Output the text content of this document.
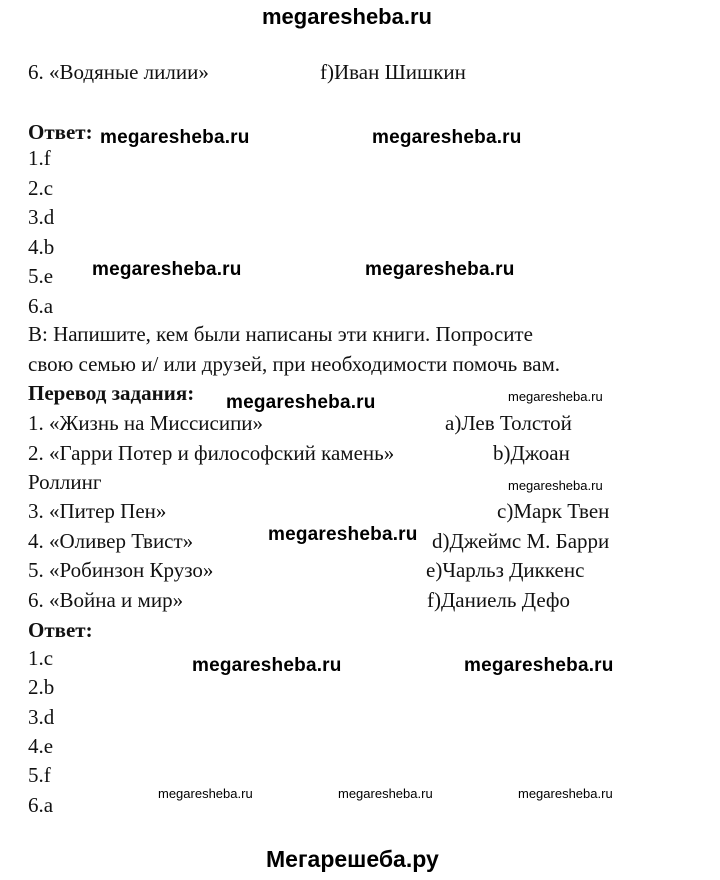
megaresheba.ru
6. «Водяные лилии»	f)Иван Шишкин
Ответ:
1.f
2.c
3.d
4.b
5.e
6.a
B: Напишите, кем были написаны эти книги. Попросите
свою семью и/ или друзей, при необходимости помочь вам.
Перевод задания:
1. «Жизнь на Миссисипи»	a)Лев Толстой
2. «Гарри Потер и философский камень»	b)Джоан
Роллинг
3. «Питер Пен»	c)Марк Твен
4. «Оливер Твист»	d)Джеймс М. Барри
5. «Робинзон Крузо»	e)Чарльз Диккенс
6. «Война и мир»	f)Даниель Дефо
Ответ:
1.c
2.b
3.d
4.e
5.f
6.a
megaresheba.ru	megaresheba.ru
megaresheba.ru	megaresheba.ru
megaresheba.ru
megaresheba.ru
megaresheba.ru
megaresheba.ru
megaresheba.ru	megaresheba.ru
megaresheba.ru	megaresheba.ru	megaresheba.ru
Мегарешеба.ру
